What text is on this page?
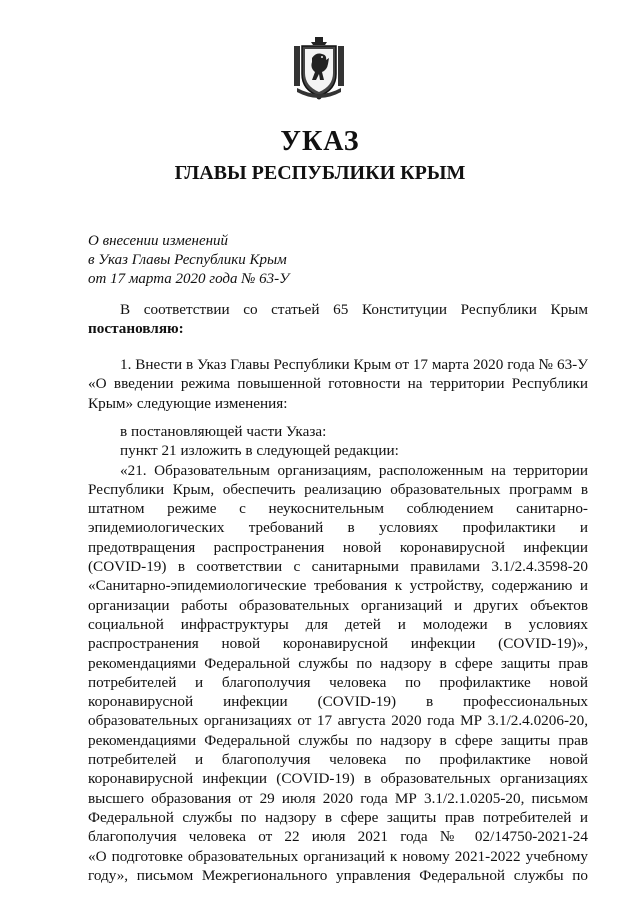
УКАЗ
ГЛАВЫ РЕСПУБЛИКИ КРЫМ
О внесении изменений
в Указ Главы Республики Крым
от 17 марта 2020 года № 63-У
В соответствии со статьей 65 Конституции Республики Крым
постановляю:
1. Внести в Указ Главы Республики Крым от 17 марта 2020 года № 63-У
«О введении режима повышенной готовности на территории Республики
Крым» следующие изменения:
в постановляющей части Указа:
пункт 21 изложить в следующей редакции:
«21. Образовательным организациям, расположенным на территории
Республики Крым, обеспечить реализацию образовательных программ в
штатном режиме с неукоснительным соблюдением санитарно-
эпидемиологических требований в условиях профилактики и
предотвращения распространения новой коронавирусной инфекции
(COVID-19) в соответствии с санитарными правилами 3.1/2.4.3598-20
«Санитарно-эпидемиологические требования к устройству, содержанию и
организации работы образовательных организаций и других объектов
социальной инфраструктуры для детей и молодежи в условиях
распространения новой коронавирусной инфекции (COVID-19)»,
рекомендациями Федеральной службы по надзору в сфере защиты прав
потребителей и благополучия человека по профилактике новой
коронавирусной инфекции (COVID-19) в профессиональных
образовательных организациях от 17 августа 2020 года МР 3.1/2.4.0206-20,
рекомендациями Федеральной службы по надзору в сфере защиты прав
потребителей и благополучия человека по профилактике новой
коронавирусной инфекции (COVID-19) в образовательных организациях
высшего образования от 29 июля 2020 года МР 3.1/2.1.0205-20, письмом
Федеральной службы по надзору в сфере защиты прав потребителей и
благополучия человека от 22 июля 2021 года № 02/14750-2021-24
«О подготовке образовательных организаций к новому 2021-2022 учебному
году», письмом Межрегионального управления Федеральной службы по
